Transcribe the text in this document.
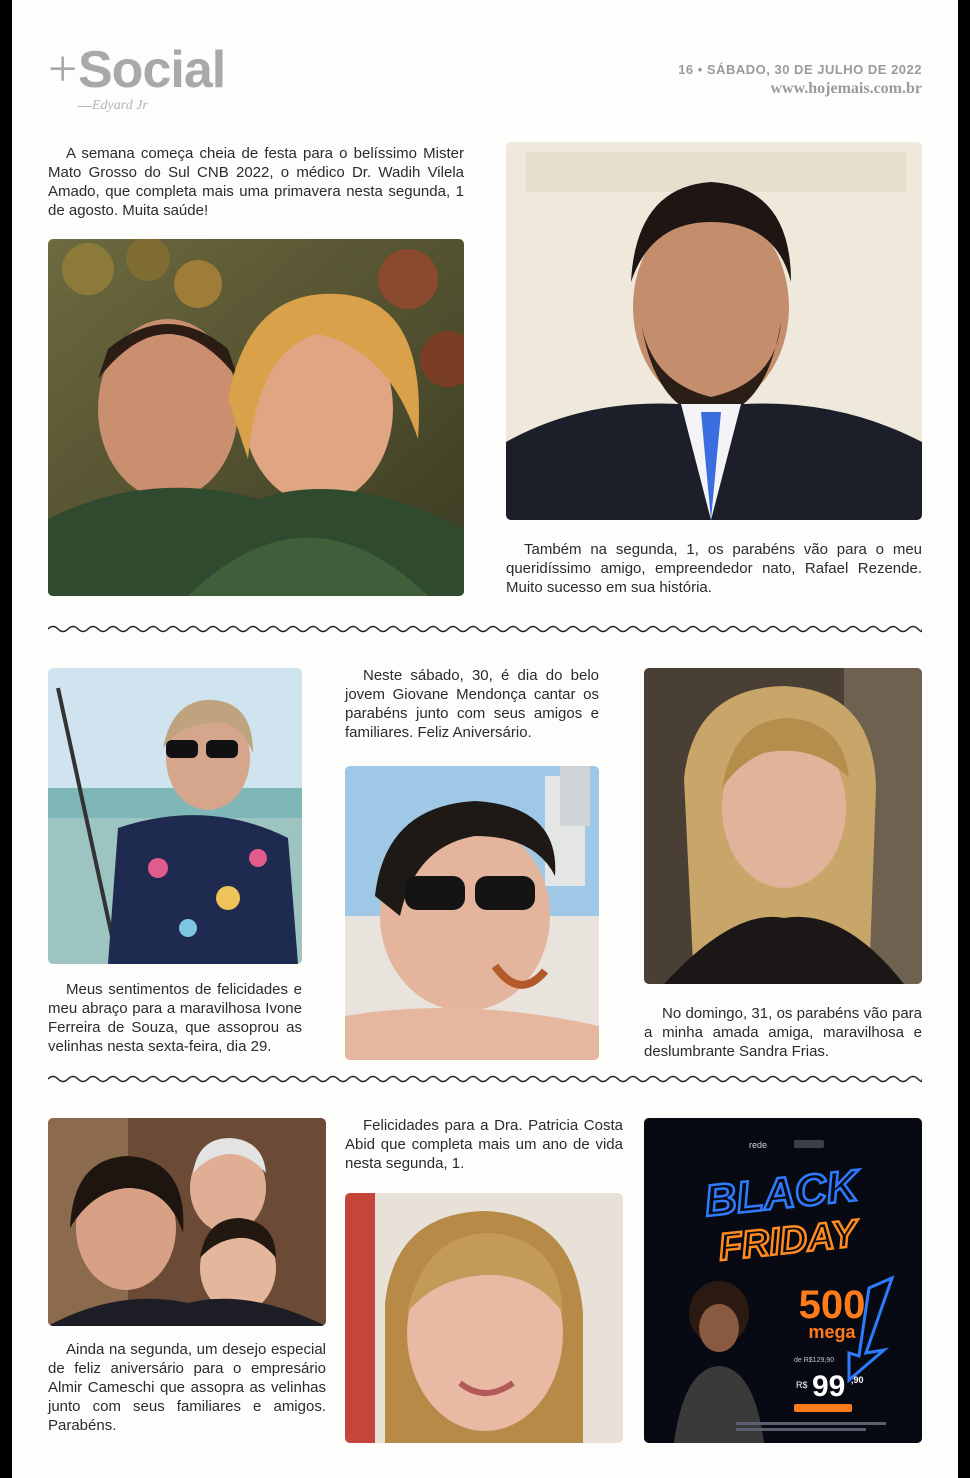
+ Social
Edyard Jr
16 • SÁBADO, 30 DE JULHO DE 2022
www.hojemais.com.br

A semana começa cheia de festa para o belíssimo Mister Mato Grosso do Sul CNB 2022, o médico Dr. Wadih Vilela Amado, que completa mais uma primavera nesta segunda, 1 de agosto. Muita saúde!

Também na segunda, 1, os parabéns vão para o meu queridíssimo amigo, empreendedor nato, Rafael Rezende. Muito sucesso em sua história.

Meus sentimentos de felicidades e meu abraço para a maravilhosa Ivone Ferreira de Souza, que assoprou as velinhas nesta sexta-feira, dia 29.

Neste sábado, 30, é dia do belo jovem Giovane Mendonça cantar os parabéns junto com seus amigos e familiares. Feliz Aniversário.

No domingo, 31, os parabéns vão para a minha amada amiga, maravilhosa e deslumbrante Sandra Frias.

Ainda na segunda, um desejo especial de feliz aniversário para o empresário Almir Cameschi que assopra as velinhas junto com seus familiares e amigos. Parabéns.

Felicidades para a Dra. Patricia Costa Abid que completa mais um ano de vida nesta segunda, 1.

rede
BLACK
FRIDAY
500
mega
de R$129,90
R$ 99 ,90
